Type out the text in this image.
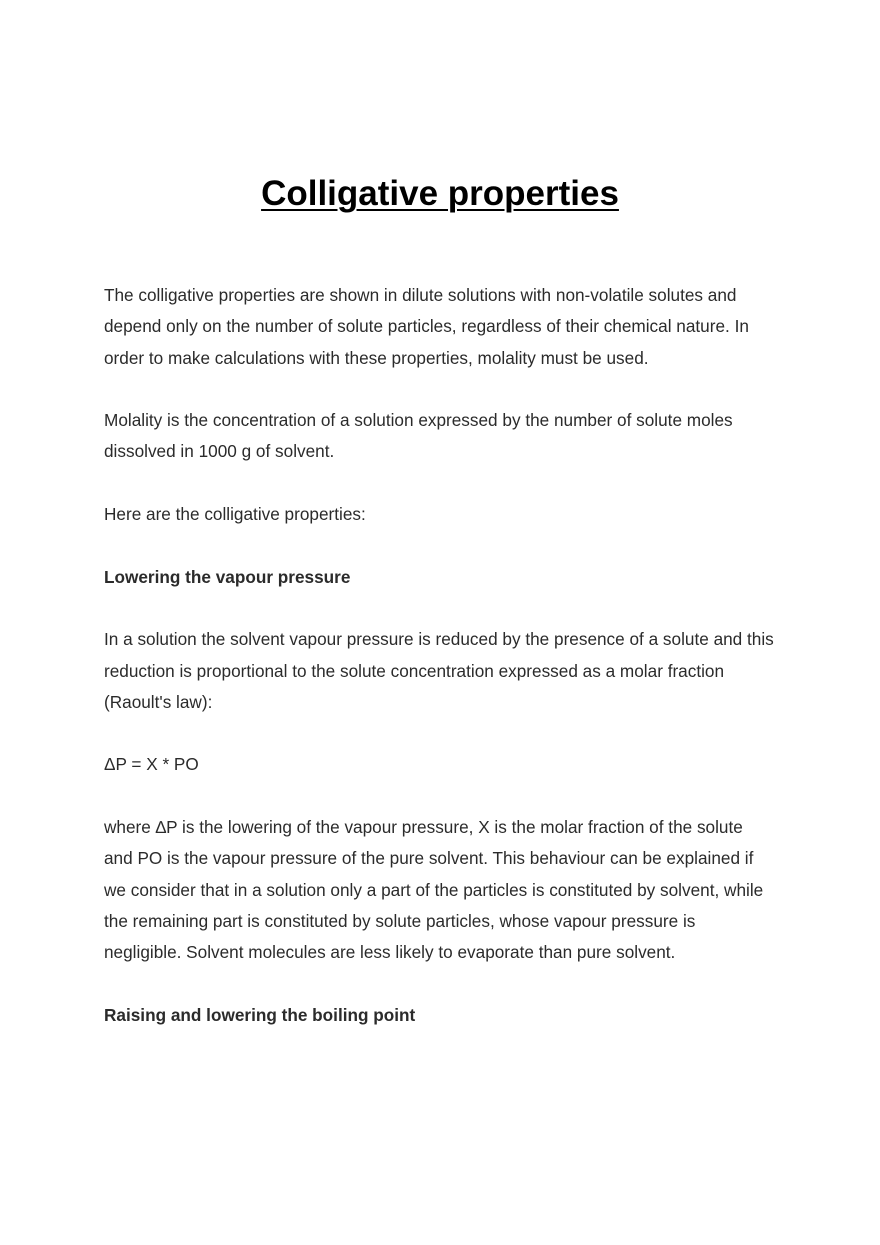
Colligative properties

The colligative properties are shown in dilute solutions with non-volatile solutes and
depend only on the number of solute particles, regardless of their chemical nature. In
order to make calculations with these properties, molality must be used.

Molality is the concentration of a solution expressed by the number of solute moles
dissolved in 1000 g of solvent.

Here are the colligative properties:

Lowering the vapour pressure

In a solution the solvent vapour pressure is reduced by the presence of a solute and this
reduction is proportional to the solute concentration expressed as a molar fraction
(Raoult's law):

ΔP = X * PO

where ∆P is the lowering of the vapour pressure, X is the molar fraction of the solute
and PO is the vapour pressure of the pure solvent. This behaviour can be explained if
we consider that in a solution only a part of the particles is constituted by solvent, while
the remaining part is constituted by solute particles, whose vapour pressure is
negligible. Solvent molecules are less likely to evaporate than pure solvent.

Raising and lowering the boiling point
